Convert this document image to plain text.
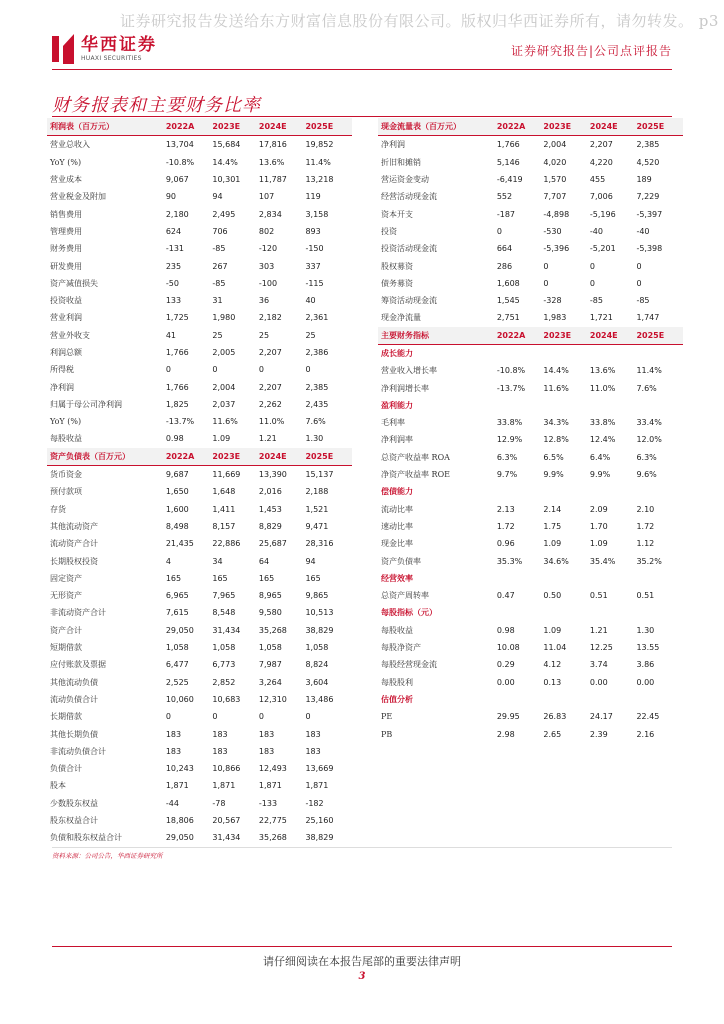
证券研究报告发送给东方财富信息股份有限公司。版权归华西证券所有，请勿转发。 p3
华西证券
HUAXI SECURITIES	证券研究报告|公司点评报告
财务报表和主要财务比率
利润表（百万元）	2022A	2023E	2024E	2025E
营业总收入	13,704	15,684	17,816	19,852
YoY (%)	-10.8%	14.4%	13.6%	11.4%
营业成本	9,067	10,301	11,787	13,218
营业税金及附加	90	94	107	119
销售费用	2,180	2,495	2,834	3,158
管理费用	624	706	802	893
财务费用	-131	-85	-120	-150
研发费用	235	267	303	337
资产减值损失	-50	-85	-100	-115
投资收益	133	31	36	40
营业利润	1,725	1,980	2,182	2,361
营业外收支	41	25	25	25
利润总额	1,766	2,005	2,207	2,386
所得税	0	0	0	0
净利润	1,766	2,004	2,207	2,385
归属于母公司净利润	1,825	2,037	2,262	2,435
YoY (%)	-13.7%	11.6%	11.0%	7.6%
每股收益	0.98	1.09	1.21	1.30
资产负债表（百万元）	2022A	2023E	2024E	2025E
货币资金	9,687	11,669	13,390	15,137
预付款项	1,650	1,648	2,016	2,188
存货	1,600	1,411	1,453	1,521
其他流动资产	8,498	8,157	8,829	9,471
流动资产合计	21,435	22,886	25,687	28,316
长期股权投资	4	34	64	94
固定资产	165	165	165	165
无形资产	6,965	7,965	8,965	9,865
非流动资产合计	7,615	8,548	9,580	10,513
资产合计	29,050	31,434	35,268	38,829
短期借款	1,058	1,058	1,058	1,058
应付账款及票据	6,477	6,773	7,987	8,824
其他流动负债	2,525	2,852	3,264	3,604
流动负债合计	10,060	10,683	12,310	13,486
长期借款	0	0	0	0
其他长期负债	183	183	183	183
非流动负债合计	183	183	183	183
负债合计	10,243	10,866	12,493	13,669
股本	1,871	1,871	1,871	1,871
少数股东权益	-44	-78	-133	-182
股东权益合计	18,806	20,567	22,775	25,160
负债和股东权益合计	29,050	31,434	35,268	38,829
现金流量表（百万元）	2022A	2023E	2024E	2025E
净利润	1,766	2,004	2,207	2,385
折旧和摊销	5,146	4,020	4,220	4,520
营运资金变动	-6,419	1,570	455	189
经营活动现金流	552	7,707	7,006	7,229
资本开支	-187	-4,898	-5,196	-5,397
投资	0	-530	-40	-40
投资活动现金流	664	-5,396	-5,201	-5,398
股权募资	286	0	0	0
债务募资	1,608	0	0	0
筹资活动现金流	1,545	-328	-85	-85
现金净流量	2,751	1,983	1,721	1,747
主要财务指标	2022A	2023E	2024E	2025E
成长能力
营业收入增长率	-10.8%	14.4%	13.6%	11.4%
净利润增长率	-13.7%	11.6%	11.0%	7.6%
盈利能力
毛利率	33.8%	34.3%	33.8%	33.4%
净利润率	12.9%	12.8%	12.4%	12.0%
总资产收益率 ROA	6.3%	6.5%	6.4%	6.3%
净资产收益率 ROE	9.7%	9.9%	9.9%	9.6%
偿债能力
流动比率	2.13	2.14	2.09	2.10
速动比率	1.72	1.75	1.70	1.72
现金比率	0.96	1.09	1.09	1.12
资产负债率	35.3%	34.6%	35.4%	35.2%
经营效率
总资产周转率	0.47	0.50	0.51	0.51
每股指标（元）
每股收益	0.98	1.09	1.21	1.30
每股净资产	10.08	11.04	12.25	13.55
每股经营现金流	0.29	4.12	3.74	3.86
每股股利	0.00	0.13	0.00	0.00
估值分析
PE	29.95	26.83	24.17	22.45
PB	2.98	2.65	2.39	2.16
资料来源：公司公告，华西证券研究所
请仔细阅读在本报告尾部的重要法律声明
3
